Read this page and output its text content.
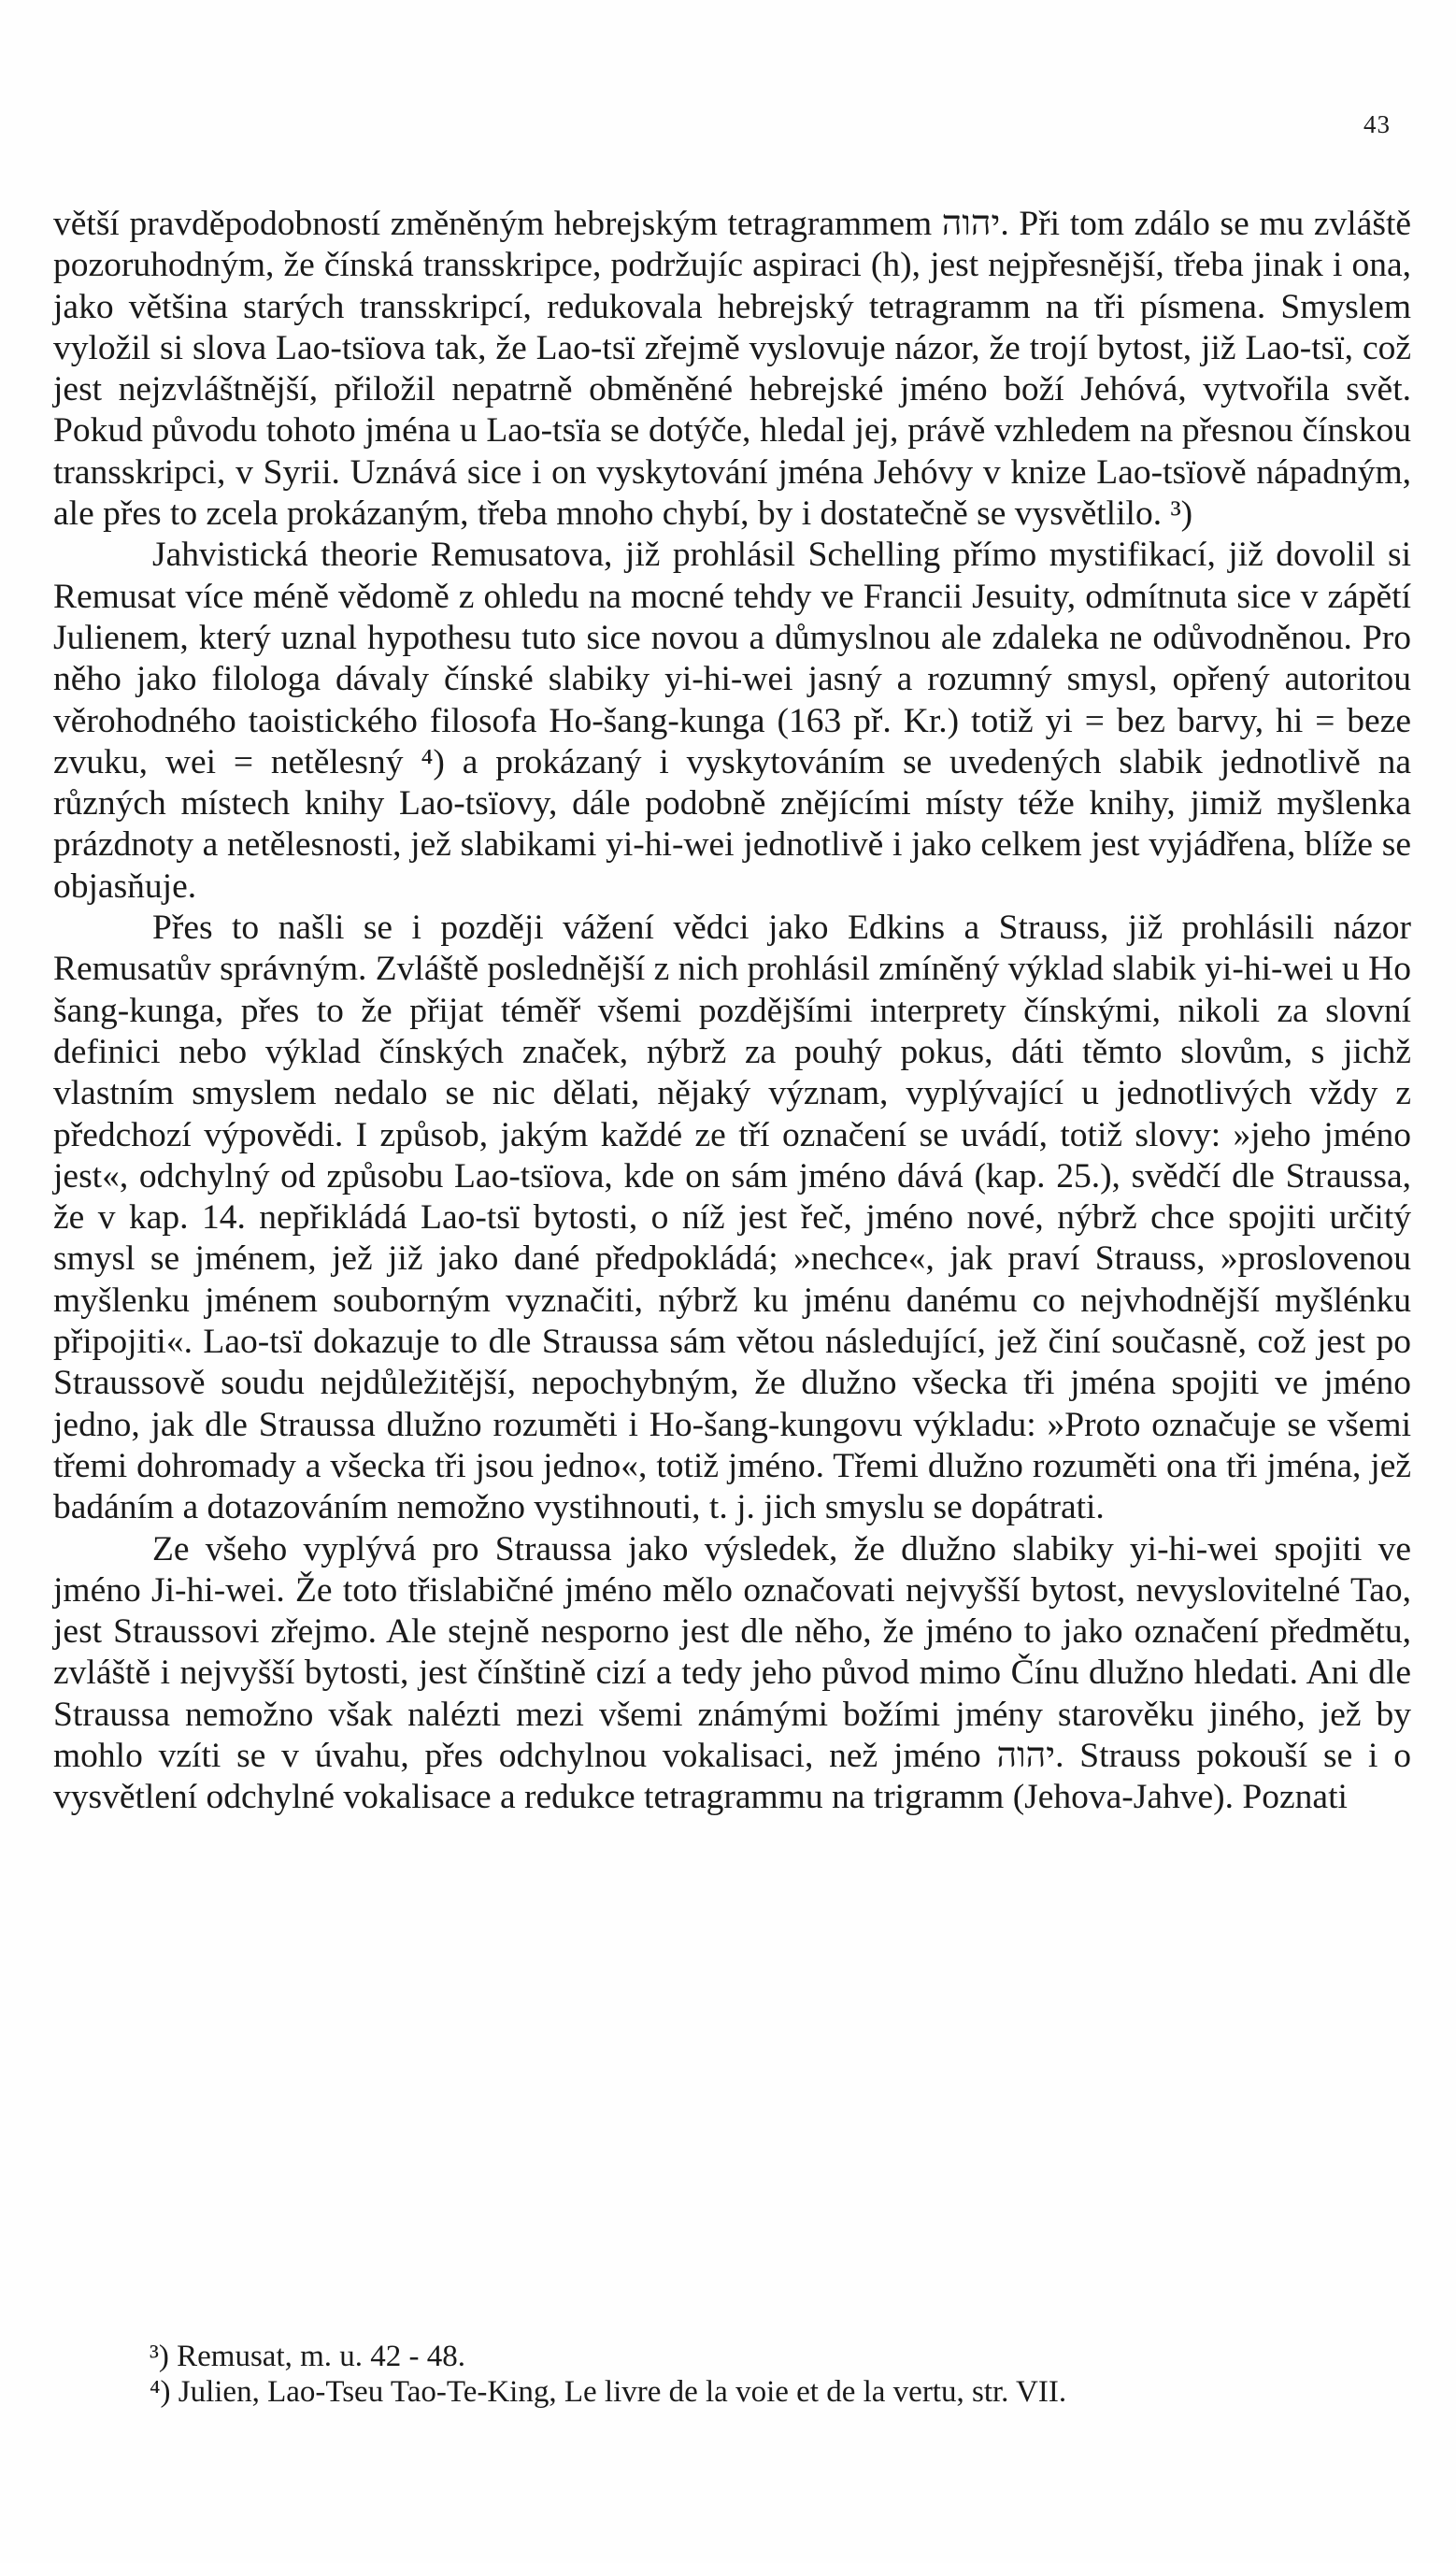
43

větší pravděpodobností změněným hebrejským tetragrammem יהוה. Při tom zdálo se mu zvláště pozoruhodným, že čínská transskripce, podržujíc aspiraci (h), jest nejpřesnější, třeba jinak i ona, jako většina starých transskripcí, redukovala hebrejský tetragramm na tři písmena. Smyslem vyložil si slova Lao-tsïova tak, že Lao-tsï zřejmě vyslovuje názor, že trojí bytost, již Lao-tsï, což jest nejzvláštnější, přiložil nepatrně obměněné hebrejské jméno boží Jehóvá, vytvořila svět. Pokud původu tohoto jména u Lao-tsïa se dotýče, hledal jej, právě vzhledem na přesnou čínskou transskripci, v Syrii. Uznává sice i on vyskytování jména Jehóvy v knize Lao-tsïově nápadným, ale přes to zcela prokázaným, třeba mnoho chybí, by i dostatečně se vysvětlilo. ³)

Jahvistická theorie Remusatova, již prohlásil Schelling přímo mystifikací, již dovolil si Remusat více méně vědomě z ohledu na mocné tehdy ve Francii Jesuity, odmítnuta sice v zápětí Julienem, který uznal hypothesu tuto sice novou a důmyslnou ale zdaleka ne odůvodněnou. Pro něho jako filologa dávaly čínské slabiky yi-hi-wei jasný a rozumný smysl, opřený autoritou věrohodného taoistického filosofa Ho-šang-kunga (163 př. Kr.) totiž yi = bez barvy, hi = beze zvuku, wei = netělesný ⁴) a prokázaný i vyskytováním se uvedených slabik jednotlivě na různých místech knihy Lao-tsïovy, dále podobně znějícími místy téže knihy, jimiž myšlenka prázdnoty a netělesnosti, jež slabikami yi-hi-wei jednotlivě i jako celkem jest vyjádřena, blíže se objasňuje.

Přes to našli se i později vážení vědci jako Edkins a Strauss, již prohlásili názor Remusatův správným. Zvláště poslednější z nich prohlásil zmíněný výklad slabik yi-hi-wei u Ho šang-kunga, přes to že přijat téměř všemi pozdějšími interprety čínskými, nikoli za slovní definici nebo výklad čínských značek, nýbrž za pouhý pokus, dáti těmto slovům, s jichž vlastním smyslem nedalo se nic dělati, nějaký význam, vyplývající u jednotlivých vždy z předchozí výpovědi. I způsob, jakým každé ze tří označení se uvádí, totiž slovy: »jeho jméno jest«, odchylný od způsobu Lao-tsïova, kde on sám jméno dává (kap. 25.), svědčí dle Straussa, že v kap. 14. nepřikládá Lao-tsï bytosti, o níž jest řeč, jméno nové, nýbrž chce spojiti určitý smysl se jménem, jež již jako dané předpokládá; »nechce«, jak praví Strauss, »proslovenou myšlenku jménem souborným vyznačiti, nýbrž ku jménu danému co nejvhodnější myšlénku připojiti«. Lao-tsï dokazuje to dle Straussa sám větou následující, jež činí současně, což jest po Straussově soudu nejdůležitější, nepochybným, že dlužno všecka tři jména spojiti ve jméno jedno, jak dle Straussa dlužno rozuměti i Ho-šang-kungovu výkladu: »Proto označuje se všemi třemi dohromady a všecka tři jsou jedno«, totiž jméno. Třemi dlužno rozuměti ona tři jména, jež badáním a dotazováním nemožno vystihnouti, t. j. jich smyslu se dopátrati.

Ze všeho vyplývá pro Straussa jako výsledek, že dlužno slabiky yi-hi-wei spojiti ve jméno Ji-hi-wei. Že toto třislabičné jméno mělo označovati nejvyšší bytost, nevyslovitelné Tao, jest Straussovi zřejmo. Ale stejně nesporno jest dle něho, že jméno to jako označení předmětu, zvláště i nejvyšší bytosti, jest čínštině cizí a tedy jeho původ mimo Čínu dlužno hledati. Ani dle Straussa nemožno však nalézti mezi všemi známými božími jmény starověku jiného, jež by mohlo vzíti se v úvahu, přes odchylnou vokalisaci, než jméno יהוה. Strauss pokouší se i o vysvětlení odchylné vokalisace a redukce tetragrammu na trigramm (Jehova-Jahve). Poznati

³) Remusat, m. u. 42 - 48.

⁴) Julien, Lao-Tseu Tao-Te-King, Le livre de la voie et de la vertu, str. VII.
